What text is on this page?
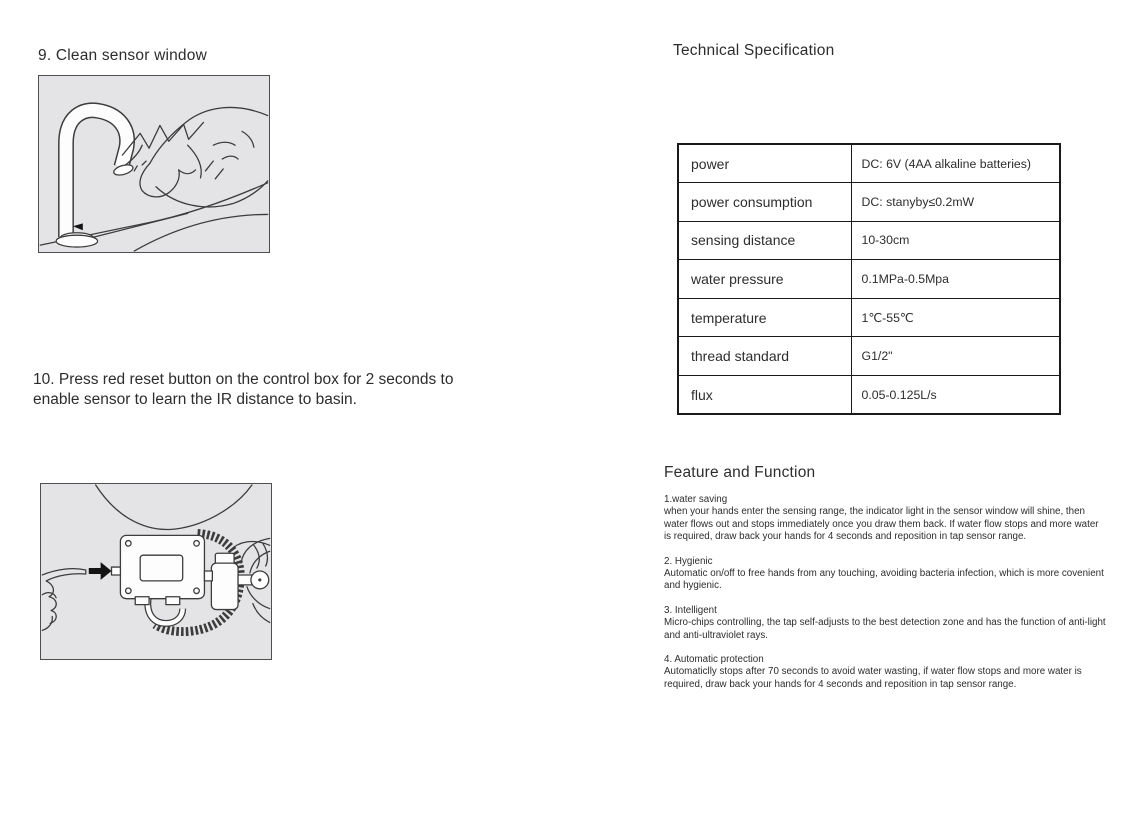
9. Clean sensor window

10. Press red reset button on the control box for 2 seconds to enable sensor to learn the IR distance to basin.

Technical Specification
power	DC: 6V (4AA alkaline batteries)
power consumption	DC: stanyby≤0.2mW
sensing distance	10-30cm
water pressure	0.1MPa-0.5Mpa
temperature	1℃-55℃
thread standard	G1/2"
flux	0.05-0.125L/s
Feature and Function
1.water saving
when your hands enter the sensing range, the indicator light in the sensor window will shine, then water flows out and stops immediately once you draw them back. If water flow stops and more water is required, draw back your hands for 4 seconds and reposition in tap sensor range.
2. Hygienic
Automatic on/off to free hands from any touching, avoiding bacteria infection, which is more covenient and hygienic.
3. Intelligent
Micro-chips controlling, the tap self-adjusts to the best detection zone and has the function of anti-light and anti-ultraviolet rays.
4. Automatic protection
Automaticlly stops after 70 seconds to avoid water wasting, if water flow stops and more water is required, draw back your hands for 4 seconds and reposition in tap sensor range.
